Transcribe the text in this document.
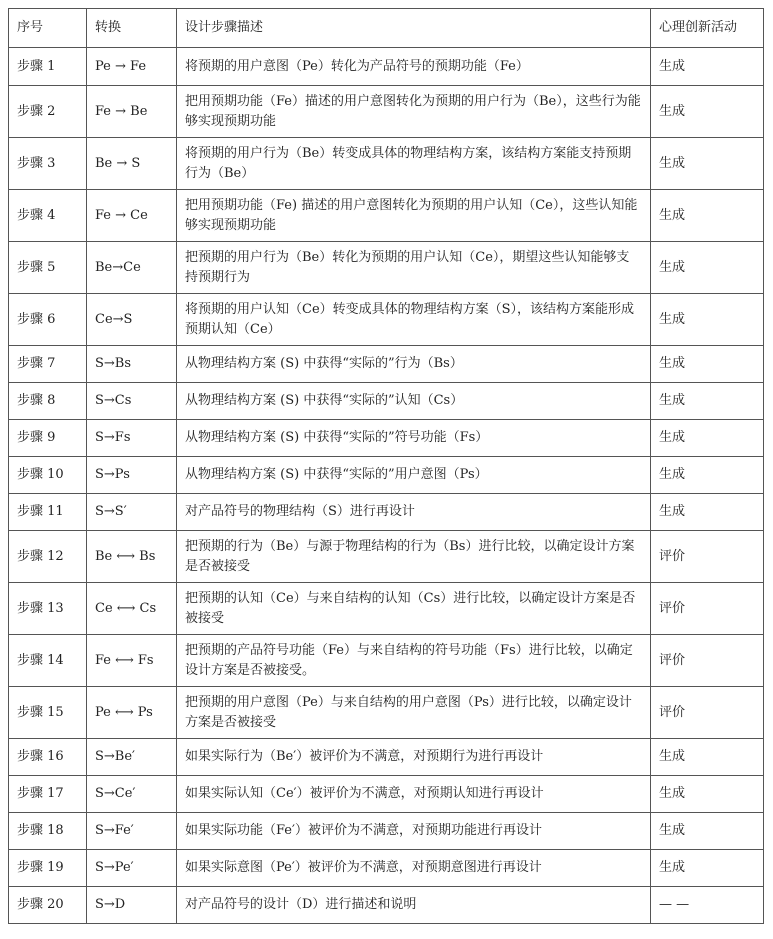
序号	转换	设计步骤描述	心理创新活动
步骤 1	Pe → Fe	将预期的用户意图（Pe）转化为产品符号的预期功能（Fe）	生成
步骤 2	Fe → Be	把用预期功能（Fe）描述的用户意图转化为预期的用户行为（Be），这些行为能够实现预期功能	生成
步骤 3	Be → S	将预期的用户行为（Be）转变成具体的物理结构方案，该结构方案能支持预期行为（Be）	生成
步骤 4	Fe → Ce	把用预期功能（Fe) 描述的用户意图转化为预期的用户认知（Ce），这些认知能够实现预期功能	生成
步骤 5	Be→Ce	把预期的用户行为（Be）转化为预期的用户认知（Ce），期望这些认知能够支持预期行为	生成
步骤 6	Ce→S	将预期的用户认知（Ce）转变成具体的物理结构方案（S），该结构方案能形成预期认知（Ce）	生成
步骤 7	S→Bs	从物理结构方案 (S) 中获得“实际的”行为（Bs）	生成
步骤 8	S→Cs	从物理结构方案 (S) 中获得“实际的”认知（Cs）	生成
步骤 9	S→Fs	从物理结构方案 (S) 中获得“实际的”符号功能（Fs）	生成
步骤 10	S→Ps	从物理结构方案 (S) 中获得“实际的”用户意图（Ps）	生成
步骤 11	S→S′	对产品符号的物理结构（S）进行再设计	生成
步骤 12	Be ⟷ Bs	把预期的行为（Be）与源于物理结构的行为（Bs）进行比较，以确定设计方案是否被接受	评价
步骤 13	Ce ⟷ Cs	把预期的认知（Ce）与来自结构的认知（Cs）进行比较，以确定设计方案是否被接受	评价
步骤 14	Fe ⟷ Fs	把预期的产品符号功能（Fe）与来自结构的符号功能（Fs）进行比较，以确定设计方案是否被接受。	评价
步骤 15	Pe ⟷ Ps	把预期的用户意图（Pe）与来自结构的用户意图（Ps）进行比较，以确定设计方案是否被接受	评价
步骤 16	S→Be′	如果实际行为（Be′）被评价为不满意，对预期行为进行再设计	生成
步骤 17	S→Ce′	如果实际认知（Ce′）被评价为不满意，对预期认知进行再设计	生成
步骤 18	S→Fe′	如果实际功能（Fe′）被评价为不满意，对预期功能进行再设计	生成
步骤 19	S→Pe′	如果实际意图（Pe′）被评价为不满意，对预期意图进行再设计	生成
步骤 20	S→D	对产品符号的设计（D）进行描述和说明	— —
